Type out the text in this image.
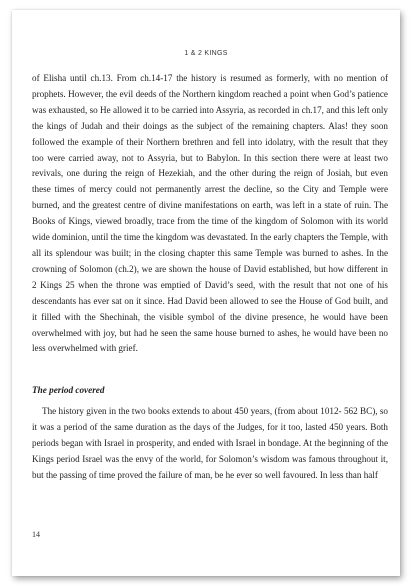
1 & 2 KINGS

of Elisha until ch.13. From ch.14-17 the history is resumed as formerly, with no mention of prophets. However, the evil deeds of the Northern kingdom reached a point when God’s patience was exhausted, so He allowed it to be carried into Assyria, as recorded in ch.17, and this left only the kings of Judah and their doings as the subject of the remaining chapters. Alas! they soon followed the example of their Northern brethren and fell into idolatry, with the result that they too were carried away, not to Assyria, but to Babylon. In this section there were at least two revivals, one during the reign of Hezekiah, and the other during the reign of Josiah, but even these times of mercy could not permanently arrest the decline, so the City and Temple were burned, and the greatest centre of divine manifestations on earth, was left in a state of ruin. The Books of Kings, viewed broadly, trace from the time of the kingdom of Solomon with its world wide dominion, until the time the kingdom was devastated. In the early chapters the Temple, with all its splendour was built; in the closing chapter this same Temple was burned to ashes. In the crowning of Solomon (ch.2), we are shown the house of David established, but how different in 2 Kings 25 when the throne was emptied of David’s seed, with the result that not one of his descendants has ever sat on it since. Had David been allowed to see the House of God built, and it filled with the Shechinah, the visible symbol of the divine presence, he would have been overwhelmed with joy, but had he seen the same house burned to ashes, he would have been no less overwhelmed with grief.

The period covered

The history given in the two books extends to about 450 years, (from about 1012- 562 BC), so it was a period of the same duration as the days of the Judges, for it too, lasted 450 years. Both periods began with Israel in prosperity, and ended with Israel in bondage. At the beginning of the Kings period Israel was the envy of the world, for Solomon’s wisdom was famous throughout it, but the passing of time proved the failure of man, be he ever so well favoured. In less than half

14
